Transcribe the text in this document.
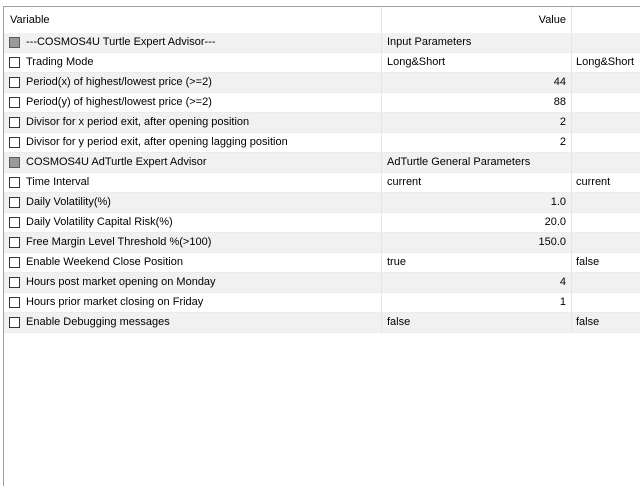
Variable	Value
---COSMOS4U Turtle Expert Advisor---	Input Parameters
Trading Mode	Long&Short	Long&Short
Period(x) of highest/lowest price (>=2)	44
Period(y) of highest/lowest price (>=2)	88
Divisor for x period exit, after opening position	2
Divisor for y period exit, after opening lagging position	2
COSMOS4U AdTurtle Expert Advisor	AdTurtle General Parameters
Time Interval	current	current
Daily Volatility(%)	1.0
Daily Volatility Capital Risk(%)	20.0
Free Margin Level Threshold %(>100)	150.0
Enable Weekend Close Position	true	false
Hours post market opening on Monday	4
Hours prior market closing on Friday	1
Enable Debugging messages	false	false
